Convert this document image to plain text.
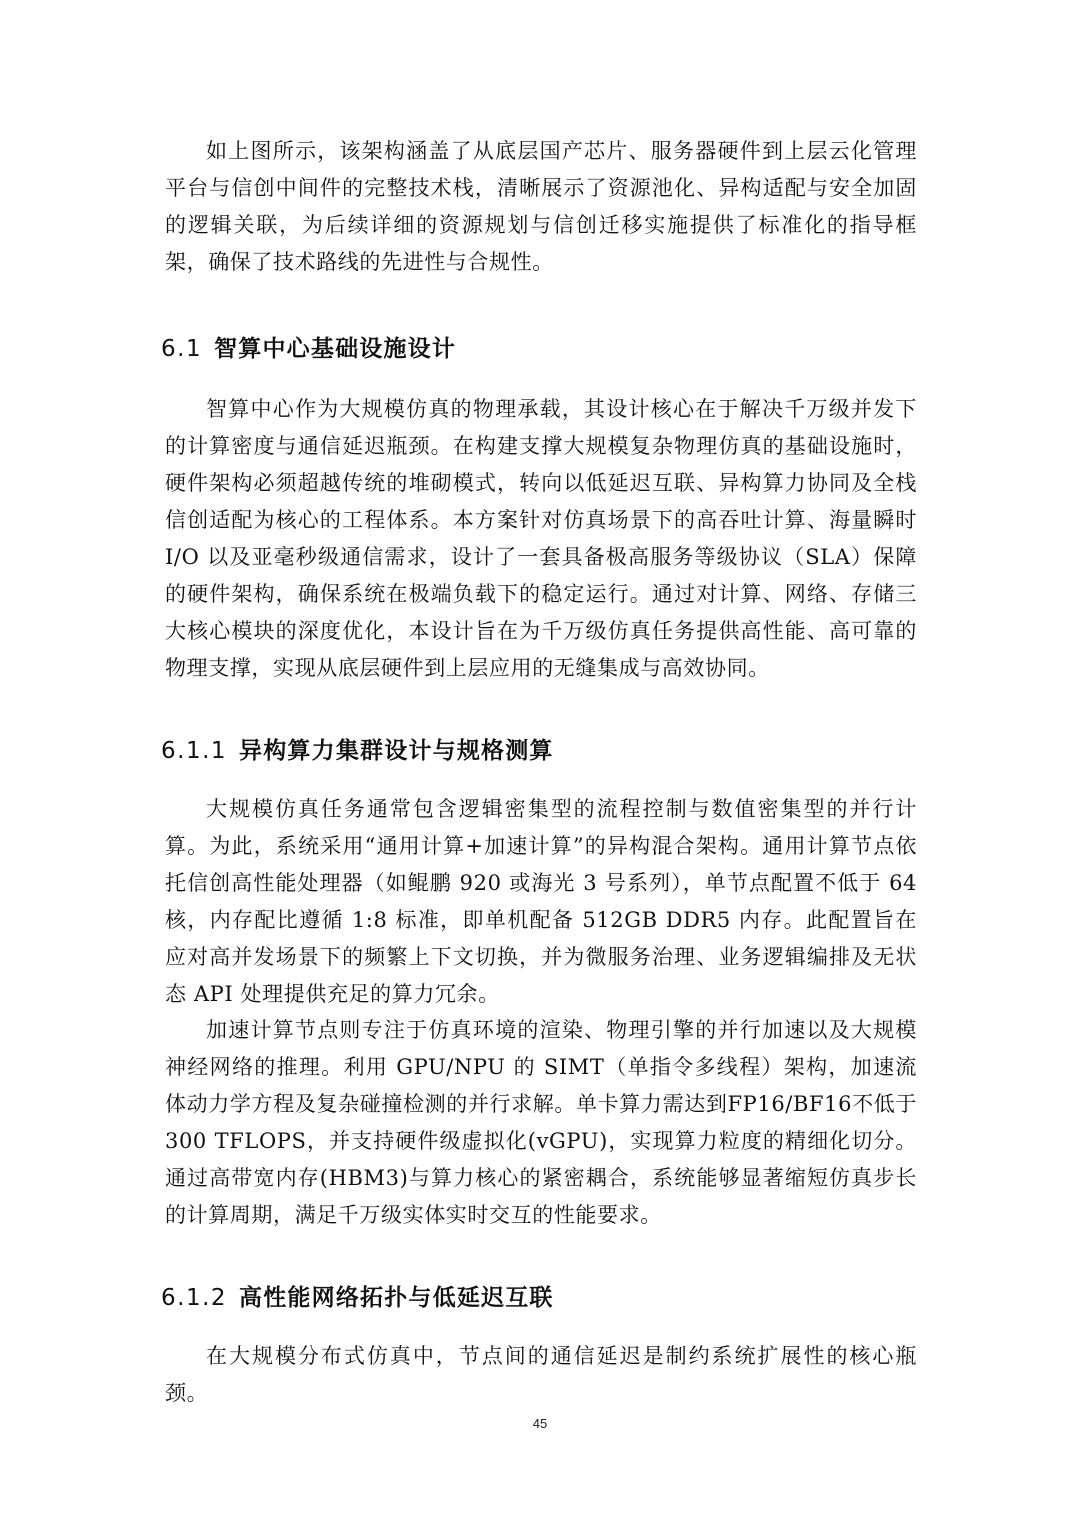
如上图所示，该架构涵盖了从底层国产芯片、服务器硬件到上层云化管理平台与信创中间件的完整技术栈，清晰展示了资源池化、异构适配与安全加固的逻辑关联，为后续详细的资源规划与信创迁移实施提供了标准化的指导框架，确保了技术路线的先进性与合规性。

6.1 智算中心基础设施设计

智算中心作为大规模仿真的物理承载，其设计核心在于解决千万级并发下的计算密度与通信延迟瓶颈。在构建支撑大规模复杂物理仿真的基础设施时，硬件架构必须超越传统的堆砌模式，转向以低延迟互联、异构算力协同及全栈信创适配为核心的工程体系。本方案针对仿真场景下的高吞吐计算、海量瞬时 I/O 以及亚毫秒级通信需求，设计了一套具备极高服务等级协议（SLA）保障的硬件架构，确保系统在极端负载下的稳定运行。通过对计算、网络、存储三大核心模块的深度优化，本设计旨在为千万级仿真任务提供高性能、高可靠的物理支撑，实现从底层硬件到上层应用的无缝集成与高效协同。

6.1.1 异构算力集群设计与规格测算

大规模仿真任务通常包含逻辑密集型的流程控制与数值密集型的并行计算。为此，系统采用“通用计算+加速计算”的异构混合架构。通用计算节点依托信创高性能处理器（如鲲鹏 920 或海光 3 号系列），单节点配置不低于 64 核，内存配比遵循 1:8 标准，即单机配备 512GB DDR5 内存。此配置旨在应对高并发场景下的频繁上下文切换，并为微服务治理、业务逻辑编排及无状态 API 处理提供充足的算力冗余。

加速计算节点则专注于仿真环境的渲染、物理引擎的并行加速以及大规模神经网络的推理。利用 GPU/NPU 的 SIMT（单指令多线程）架构，加速流体动力学方程及复杂碰撞检测的并行求解。单卡算力需达到FP16/BF16不低于300 TFLOPS，并支持硬件级虚拟化(vGPU)，实现算力粒度的精细化切分。通过高带宽内存(HBM3)与算力核心的紧密耦合，系统能够显著缩短仿真步长的计算周期，满足千万级实体实时交互的性能要求。

6.1.2 高性能网络拓扑与低延迟互联

在大规模分布式仿真中，节点间的通信延迟是制约系统扩展性的核心瓶颈。

45
